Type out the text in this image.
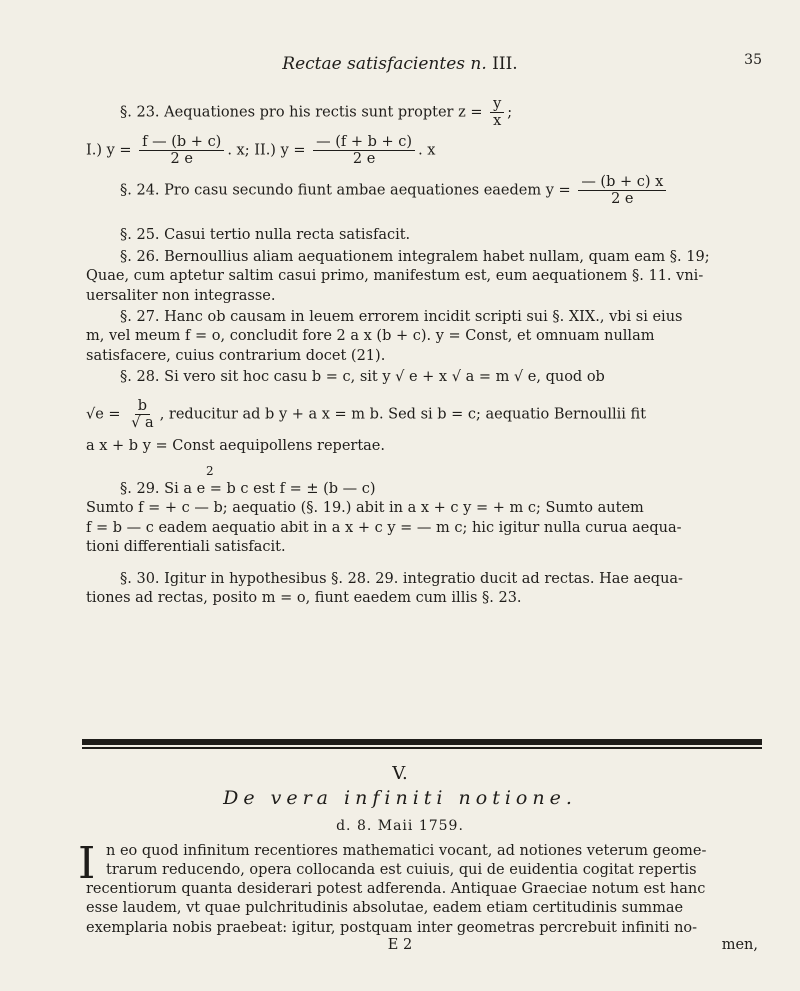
Rectae satisfacientes n. III.	35
§. 23. Aequationes pro his rectis sunt propter $z = \frac{y}{x}$ ;
I.) $y = \frac{f — (b + c)}{2 e}$ . x; II.) $y = \frac{— (f + b + c)}{2 e}$ . x
§. 24. Pro casu secundo fiunt ambae aequationes eaedem $y = \frac{— (b + c) x}{2 e}$
§. 25. Casui tertio nulla recta satisfacit.
§. 26. Bernoullius aliam aequationem integralem habet nullam, quam eam §. 19;
Quae, cum aptetur saltim casui primo, manifestum est, eum aequationem §. 11. vni-
uersaliter non integrasse.
§. 27. Hanc ob causam in leuem errorem incidit scripti sui §. XIX., vbi si eius
m, vel meum f = o, concludit fore 2 a x (b + c). y = Const, et omnuam nullam
satisfacere, cuius contrarium docet (21).
§. 28. Si vero sit hoc casu b = c, sit y √ e + x √ a = m √ e, quod ob
$√e = \frac{b}{√ a}$ , reducitur ad b y + a x = m b. Sed si b = c; aequatio Bernoullii fit
a x + b y = Const aequipollens repertae.
2
§. 29. Si a e = b c est f = ± (b — c)
Sumto f = + c — b; aequatio (§. 19.) abit in a x + c y = + m c; Sumto autem
f = b — c eadem aequatio abit in a x + c y = — m c; hic igitur nulla curua aequa-
tioni differentiali satisfacit.
§. 30. Igitur in hypothesibus §. 28. 29. integratio ducit ad rectas. Hae aequa-
tiones ad rectas, posito m = o, fiunt eaedem cum illis §. 23.
V.
De vera infiniti notione.
d. 8. Maii 1759.
I n eo quod infinitum recentiores mathematici vocant, ad notiones veterum geome-
trarum reducendo, opera collocanda est cuiuis, qui de euidentia cogitat repertis
recentiorum quanta desiderari potest adferenda. Antiquae Graeciae notum est hanc
esse laudem, vt quae pulchritudinis absolutae, eadem etiam certitudinis summae
exemplaria nobis praebeat: igitur, postquam inter geometras percrebuit infiniti no-
E 2	men,
